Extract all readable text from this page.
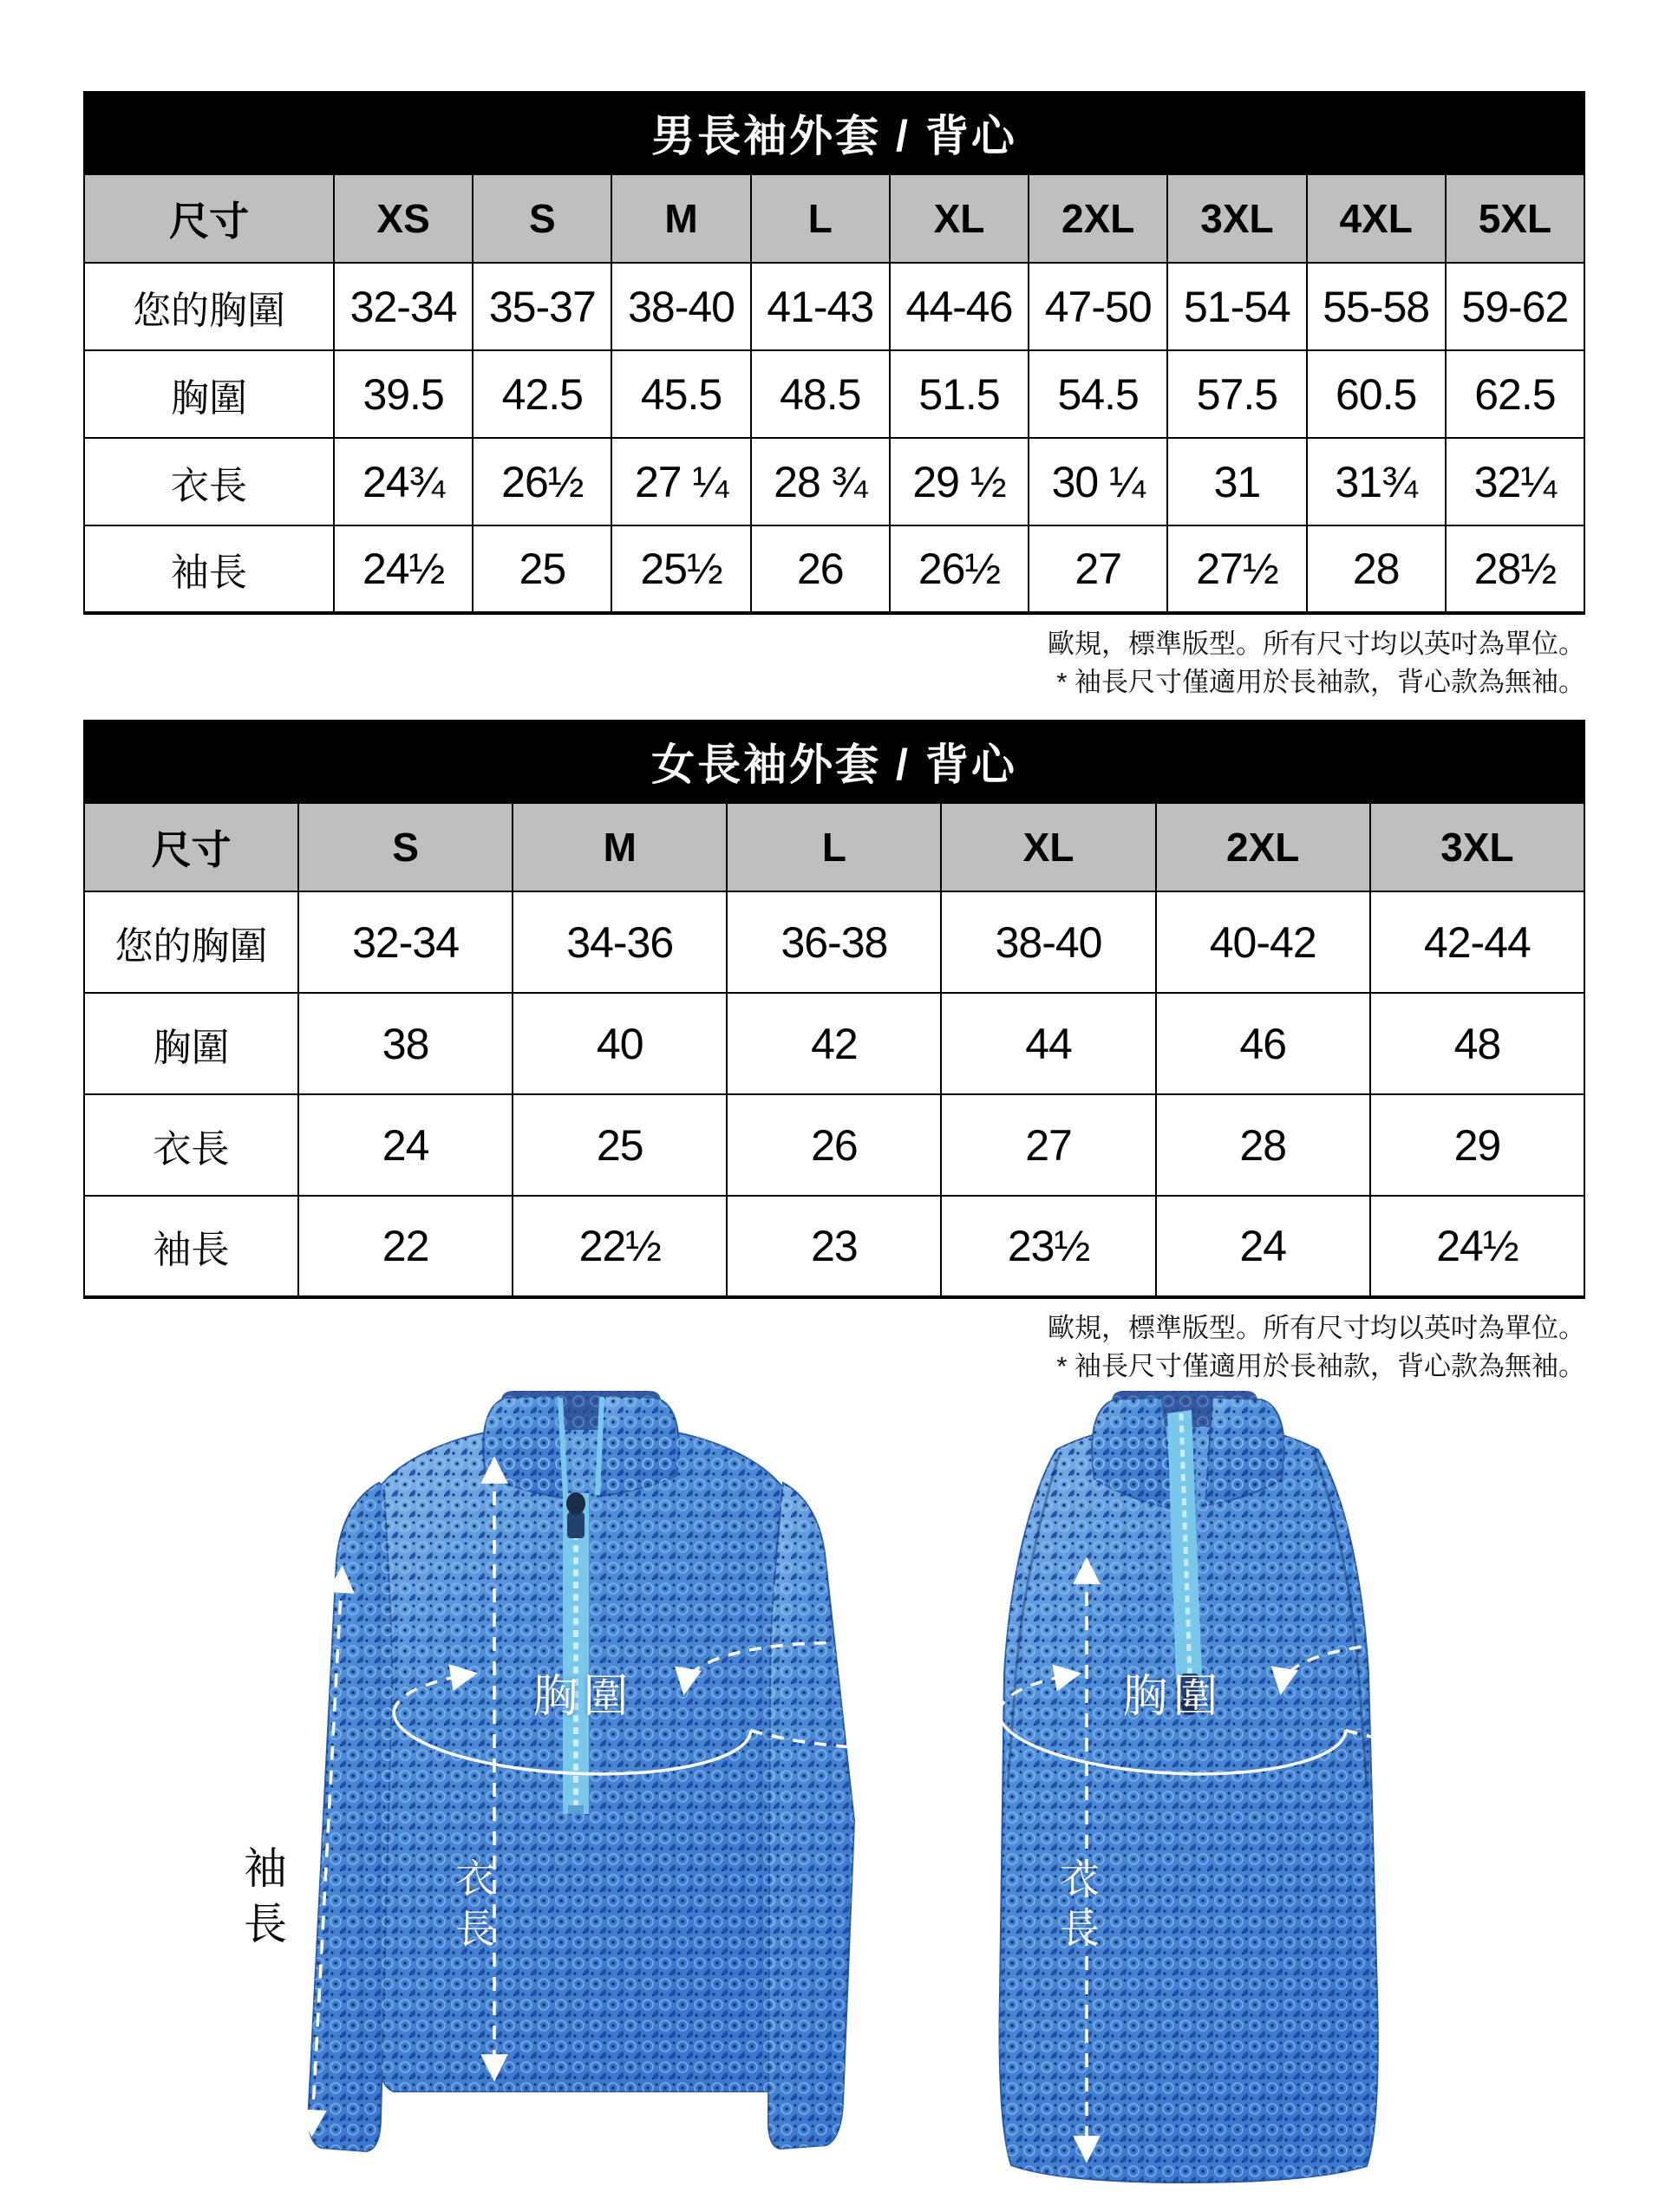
男長袖外套 / 背心
尺寸	XS	S	M	L	XL	2XL	3XL	4XL	5XL
您的胸圍	32-34	35-37	38-40	41-43	44-46	47-50	51-54	55-58	59-62
胸圍	39.5	42.5	45.5	48.5	51.5	54.5	57.5	60.5	62.5
衣長	24¾	26½	27 ¼	28 ¾	29 ½	30 ¼	31	31¾	32¼
袖長	24½	25	25½	26	26½	27	27½	28	28½
歐規，標準版型。所有尺寸均以英吋為單位。
* 袖長尺寸僅適用於長袖款，背心款為無袖。
女長袖外套 / 背心
尺寸	S	M	L	XL	2XL	3XL
您的胸圍	32-34	34-36	36-38	38-40	40-42	42-44
胸圍	38	40	42	44	46	48
衣長	24	25	26	27	28	29
袖長	22	22½	23	23½	24	24½
歐規，標準版型。所有尺寸均以英吋為單位。
* 袖長尺寸僅適用於長袖款，背心款為無袖。
胸圍
衣長
袖長
胸圍
衣長
